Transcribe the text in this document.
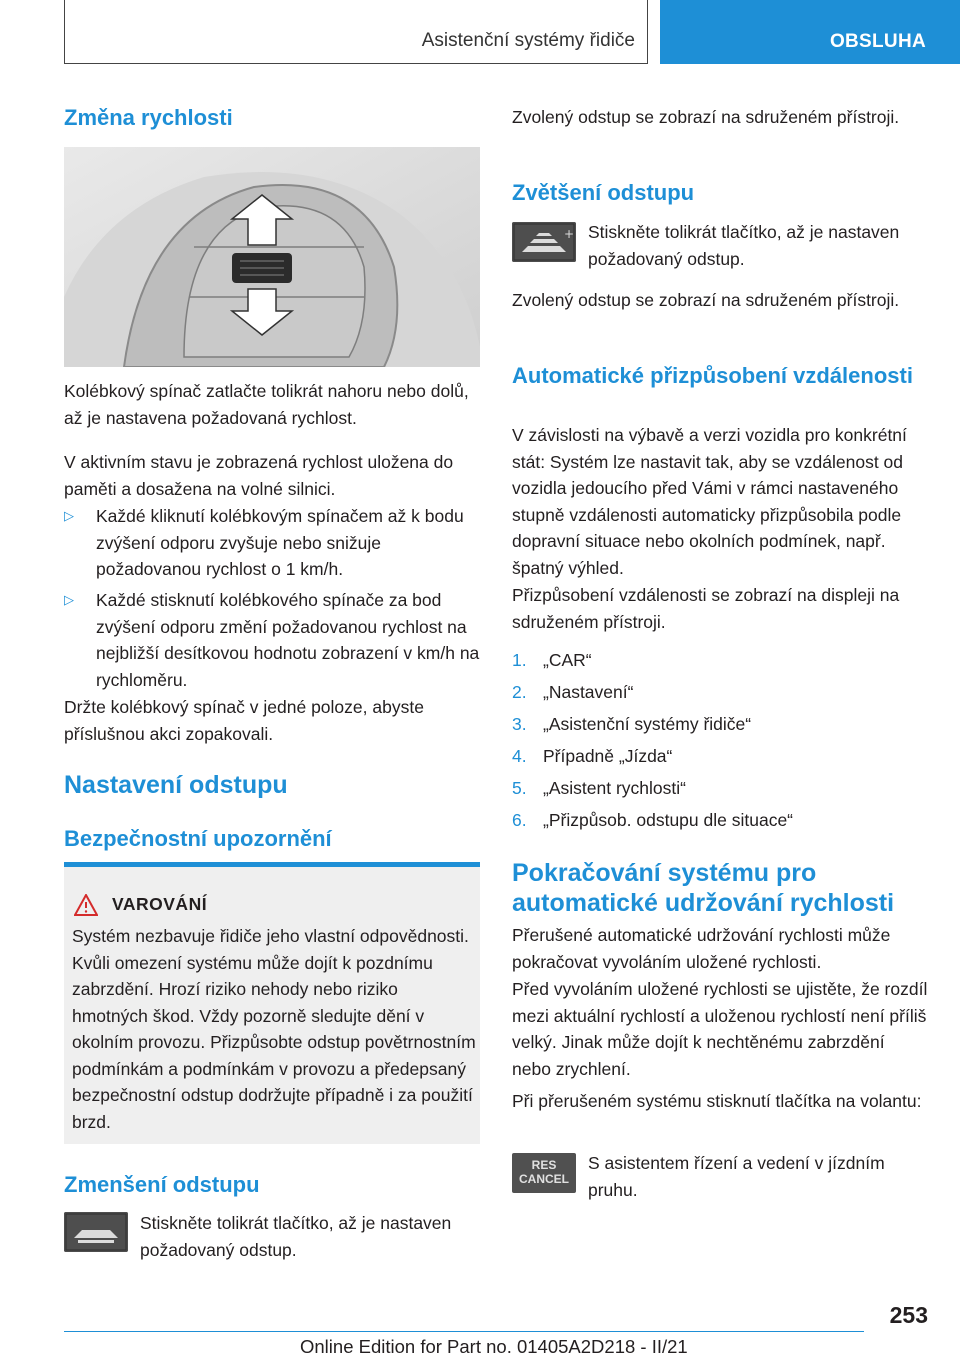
Asistenční systémy řidiče	OBSLUHA
Změna rychlosti
Kolébkový spínač zatlačte tolikrát nahoru nebo dolů, až je nastavena požadovaná rychlost.
V aktivním stavu je zobrazená rychlost uložena do paměti a dosažena na volné silnici.
▷ Každé kliknutí kolébkovým spínačem až k bodu zvýšení odporu zvyšuje nebo snižuje požadovanou rychlost o 1 km/h.
▷ Každé stisknutí kolébkového spínače za bod zvýšení odporu změní požadovanou rychlost na nejbližší desítkovou hodnotu zobrazení v km/h na rychloměru.
Držte kolébkový spínač v jedné poloze, abyste příslušnou akci zopakovali.
Nastavení odstupu
Bezpečnostní upozornění
VAROVÁNÍ
Systém nezbavuje řidiče jeho vlastní odpovědnosti. Kvůli omezení systému může dojít k pozdnímu zabrzdění. Hrozí riziko nehody nebo riziko hmotných škod. Vždy pozorně sledujte dění v okolním provozu. Přizpůsobte odstup povětrnostním podmínkám a podmínkám v provozu a předepsaný bezpečnostní odstup dodržujte případně i za použití brzd.
Zmenšení odstupu
Stiskněte tolikrát tlačítko, až je nastaven požadovaný odstup.
Zvolený odstup se zobrazí na sdruženém přístroji.
Zvětšení odstupu
+ Stiskněte tolikrát tlačítko, až je nastaven požadovaný odstup.
Zvolený odstup se zobrazí na sdruženém přístroji.
Automatické přizpůsobení vzdálenosti
V závislosti na výbavě a verzi vozidla pro konkrétní stát: Systém lze nastavit tak, aby se vzdálenost od vozidla jedoucího před Vámi v rámci nastaveného stupně vzdálenosti automaticky přizpůsobila podle dopravní situace nebo okolních podmínek, např. špatný výhled.
Přizpůsobení vzdálenosti se zobrazí na displeji na sdruženém přístroji.
1. „CAR“
2. „Nastavení“
3. „Asistenční systémy řidiče“
4. Případně „Jízda“
5. „Asistent rychlosti“
6. „Přizpůsob. odstupu dle situace“
Pokračování systému pro automatické udržování rychlosti
Přerušené automatické udržování rychlosti může pokračovat vyvoláním uložené rychlosti.
Před vyvoláním uložené rychlosti se ujistěte, že rozdíl mezi aktuální rychlostí a uloženou rychlostí není příliš velký. Jinak může dojít k nechtěnému zabrzdění nebo zrychlení.
Při přerušeném systému stisknutí tlačítka na volantu:
RES
CANCEL
S asistentem řízení a vedení v jízdním pruhu.
253
Online Edition for Part no. 01405A2D218 - II/21
